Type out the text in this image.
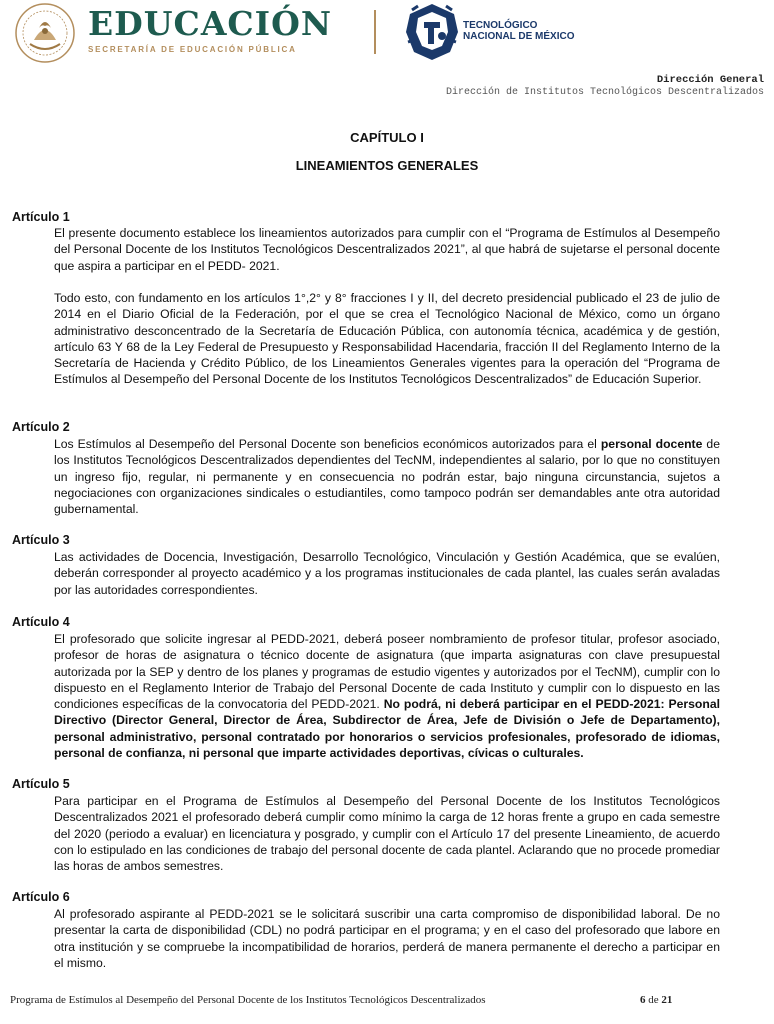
EDUCACIÓN
SECRETARÍA DE EDUCACIÓN PÚBLICA
TECNOLÓGICO
NACIONAL DE MÉXICO
Dirección General
Dirección de Institutos Tecnológicos Descentralizados
CAPÍTULO I
LINEAMIENTOS GENERALES
Artículo 1
El presente documento establece los lineamientos autorizados para cumplir con el “Programa de Estímulos al Desempeño del Personal Docente de los Institutos Tecnológicos Descentralizados 2021”, al que habrá de sujetarse el personal docente que aspira a participar en el PEDD- 2021.
Todo esto, con fundamento en los artículos 1°,2° y 8° fracciones I y II, del decreto presidencial publicado el 23 de julio de 2014 en el Diario Oficial de la Federación, por el que se crea el Tecnológico Nacional de México, como un órgano administrativo desconcentrado de la Secretaría de Educación Pública, con autonomía técnica, académica y de gestión, artículo 63 Y 68 de la Ley Federal de Presupuesto y Responsabilidad Hacendaria, fracción II del Reglamento Interno de la Secretaría de Hacienda y Crédito Público, de los Lineamientos Generales vigentes para la operación del “Programa de Estímulos al Desempeño del Personal Docente de los Institutos Tecnológicos Descentralizados” de Educación Superior.
Artículo 2
Los Estímulos al Desempeño del Personal Docente son beneficios económicos autorizados para el personal docente de los Institutos Tecnológicos Descentralizados dependientes del TecNM, independientes al salario, por lo que no constituyen un ingreso fijo, regular, ni permanente y en consecuencia no podrán estar, bajo ninguna circunstancia, sujetos a negociaciones con organizaciones sindicales o estudiantiles, como tampoco podrán ser demandables ante otra autoridad gubernamental.
Artículo 3
Las actividades de Docencia, Investigación, Desarrollo Tecnológico, Vinculación y Gestión Académica, que se evalúen, deberán corresponder al proyecto académico y a los programas institucionales de cada plantel, las cuales serán avaladas por las autoridades correspondientes.
Artículo 4
El profesorado que solicite ingresar al PEDD-2021, deberá poseer nombramiento de profesor titular, profesor asociado, profesor de horas de asignatura o técnico docente de asignatura (que imparta asignaturas con clave presupuestal autorizada por la SEP y dentro de los planes y programas de estudio vigentes y autorizados por el TecNM), cumplir con lo dispuesto en el Reglamento Interior de Trabajo del Personal Docente de cada Instituto y cumplir con lo dispuesto en las condiciones específicas de la convocatoria del PEDD-2021. No podrá, ni deberá participar en el PEDD-2021: Personal Directivo (Director General, Director de Área, Subdirector de Área, Jefe de División o Jefe de Departamento), personal administrativo, personal contratado por honorarios o servicios profesionales, profesorado de idiomas, personal de confianza, ni personal que imparte actividades deportivas, cívicas o culturales.
Artículo 5
Para participar en el Programa de Estímulos al Desempeño del Personal Docente de los Institutos Tecnológicos Descentralizados 2021 el profesorado deberá cumplir como mínimo la carga de 12 horas frente a grupo en cada semestre del 2020 (periodo a evaluar) en licenciatura y posgrado, y cumplir con el Artículo 17 del presente Lineamiento, de acuerdo con lo estipulado en las condiciones de trabajo del personal docente de cada plantel. Aclarando que no procede promediar las horas de ambos semestres.
Artículo 6
Al profesorado aspirante al PEDD-2021 se le solicitará suscribir una carta compromiso de disponibilidad laboral. De no presentar la carta de disponibilidad (CDL) no podrá participar en el programa; y en el caso del profesorado que labore en otra institución y se compruebe la incompatibilidad de horarios, perderá de manera permanente el derecho a participar en el mismo.
Programa de Estímulos al Desempeño del Personal Docente de los Institutos Tecnológicos Descentralizados	6 de 21
